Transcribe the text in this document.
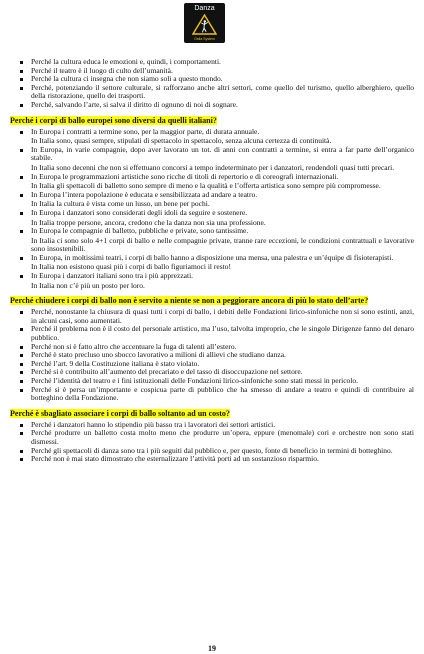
Danza
Ostia System
Perché la cultura educa le emozioni e, quindi, i comportamenti.
Perché il teatro è il luogo di culto dell’umanità.
Perché la cultura ci insegna che non siamo soli a questo mondo.
Perché, potenziando il settore culturale, si rafforzano anche altri settori, come quello del turismo, quello alberghiero, quello della ristorazione, quello dei trasporti.
Perché, salvando l’arte, si salva il diritto di ognuno di noi di sognare.
Perché i corpi di ballo europei sono diversi da quelli italiani?
In Europa i contratti a termine sono, per la maggior parte, di durata annuale.
In Italia sono, quasi sempre, stipulati di spettacolo in spettacolo, senza alcuna certezza di continuità.
In Europa, in varie compagnie, dopo aver lavorato un tot. di anni con contratti a termine, si entra a far parte dell’organico stabile.
In Italia sono decenni che non si effettuano concorsi a tempo indeterminato per i danzatori, rendendoli quasi tutti precari.
In Europa le programmazioni artistiche sono ricche di titoli di repertorio e di coreografi internazionali.
In Italia gli spettacoli di balletto sono sempre di meno e la qualità e l’offerta artistica sono sempre più compromesse.
In Europa l’intera popolazione è educata e sensibilizzata ad andare a teatro.
In Italia la cultura è vista come un lusso, un bene per pochi.
In Europa i danzatori sono considerati degli idoli da seguire e sostenere.
In Italia troppe persone, ancora, credono che la danza non sia una professione.
In Europa le compagnie di balletto, pubbliche e private, sono tantissime.
In Italia ci sono solo 4+1 corpi di ballo e nelle compagnie private, tranne rare eccezioni, le condizioni contrattuali e lavorative sono insostenibili.
In Europa, in moltissimi teatri, i corpi di ballo hanno a disposizione una mensa, una palestra e un’équipe di fisioterapisti.
In Italia non esistono quasi più i corpi di ballo figuriamoci il resto!
In Europa i danzatori italiani sono tra i più apprezzati.
In Italia non c’è più un posto per loro.
Perché chiudere i corpi di ballo non è servito a niente se non a peggiorare ancora di più lo stato dell’arte?
Perché, nonostante la chiusura di quasi tutti i corpi di ballo, i debiti delle Fondazioni lirico-sinfoniche non si sono estinti, anzi, in alcuni casi, sono aumentati.
Perché il problema non è il costo del personale artistico, ma l’uso, talvolta improprio, che le singole Dirigenze fanno del denaro pubblico.
Perché non si è fatto altro che accentuare la fuga di talenti all’estero.
Perché è stato precluso uno sbocco lavorativo a milioni di allievi che studiano danza.
Perché l’art. 9 della Costituzione italiana è stato violato.
Perché si è contribuito all’aumento del precariato e del tasso di disoccupazione nel settore.
Perché l’identità del teatro e i fini istituzionali delle Fondazioni lirico-sinfoniche sono stati messi in pericolo.
Perché si è persa un’importante e cospicua parte di pubblico che ha smesso di andare a teatro e quindi di contribuire al botteghino della Fondazione.
Perché è sbagliato associare i corpi di ballo soltanto ad un costo?
Perché i danzatori hanno lo stipendio più basso tra i lavoratori dei settori artistici.
Perché produrre un balletto costa molto meno che produrre un’opera, eppure (menomale) cori e orchestre non sono stati dismessi.
Perché gli spettacoli di danza sono tra i più seguiti dal pubblico e, per questo, fonte di beneficio in termini di botteghino.
Perché non è mai stato dimostrato che esternalizzare l’attività porti ad un sostanzioso risparmio.
19
